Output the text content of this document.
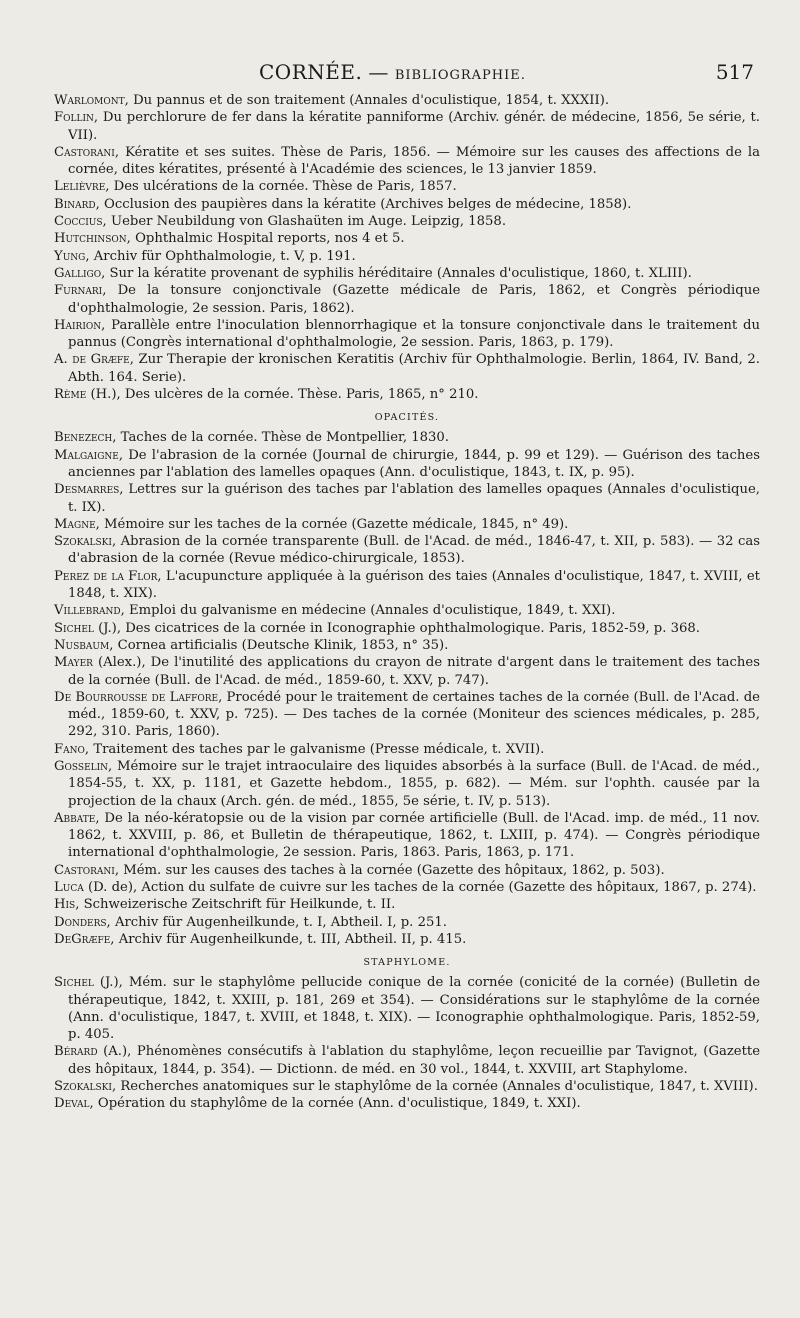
CORNÉE. — BIBLIOGRAPHIE.	517
Warlomont, Du pannus et de son traitement (Annales d'oculistique, 1854, t. XXXII).
Follin, Du perchlorure de fer dans la kératite panniforme (Archiv. génér. de médecine, 1856, 5e série, t. VII).
Castorani, Kératite et ses suites. Thèse de Paris, 1856. — Mémoire sur les causes des affections de la cornée, dites kératites, présenté à l'Académie des sciences, le 13 janvier 1859.
Lelièvre, Des ulcérations de la cornée. Thèse de Paris, 1857.
Binard, Occlusion des paupières dans la kératite (Archives belges de médecine, 1858).
Coccius, Ueber Neubildung von Glashaüten im Auge. Leipzig, 1858.
Hutchinson, Ophthalmic Hospital reports, nos 4 et 5.
Yung, Archiv für Ophthalmologie, t. V, p. 191.
Galligo, Sur la kératite provenant de syphilis héréditaire (Annales d'oculistique, 1860, t. XLIII).
Furnari, De la tonsure conjonctivale (Gazette médicale de Paris, 1862, et Congrès périodique d'ophthalmologie, 2e session. Paris, 1862).
Hairion, Parallèle entre l'inoculation blennorrhagique et la tonsure conjonctivale dans le traitement du pannus (Congrès international d'ophthalmologie, 2e session. Paris, 1863, p. 179).
A. de Græfe, Zur Therapie der kronischen Keratitis (Archiv für Ophthalmologie. Berlin, 1864, IV. Band, 2. Abth. 164. Serie).
Rème (H.), Des ulcères de la cornée. Thèse. Paris, 1865, n° 210.
OPACITÉS.
Benezech, Taches de la cornée. Thèse de Montpellier, 1830.
Malgaigne, De l'abrasion de la cornée (Journal de chirurgie, 1844, p. 99 et 129). — Guérison des taches anciennes par l'ablation des lamelles opaques (Ann. d'oculistique, 1843, t. IX, p. 95).
Desmarres, Lettres sur la guérison des taches par l'ablation des lamelles opaques (Annales d'oculistique, t. IX).
Magne, Mémoire sur les taches de la cornée (Gazette médicale, 1845, n° 49).
Szokalski, Abrasion de la cornée transparente (Bull. de l'Acad. de méd., 1846-47, t. XII, p. 583). — 32 cas d'abrasion de la cornée (Revue médico-chirurgicale, 1853).
Perez de la Flor, L'acupuncture appliquée à la guérison des taies (Annales d'oculistique, 1847, t. XVIII, et 1848, t. XIX).
Villebrand, Emploi du galvanisme en médecine (Annales d'oculistique, 1849, t. XXI).
Sichel (J.), Des cicatrices de la cornée in Iconographie ophthalmologique. Paris, 1852-59, p. 368.
Nusbaum, Cornea artificialis (Deutsche Klinik, 1853, n° 35).
Mayer (Alex.), De l'inutilité des applications du crayon de nitrate d'argent dans le traitement des taches de la cornée (Bull. de l'Acad. de méd., 1859-60, t. XXV, p. 747).
De Bourrousse de Laffore, Procédé pour le traitement de certaines taches de la cornée (Bull. de l'Acad. de méd., 1859-60, t. XXV, p. 725). — Des taches de la cornée (Moniteur des sciences médicales, p. 285, 292, 310. Paris, 1860).
Fano, Traitement des taches par le galvanisme (Presse médicale, t. XVII).
Gosselin, Mémoire sur le trajet intraoculaire des liquides absorbés à la surface (Bull. de l'Acad. de méd., 1854-55, t. XX, p. 1181, et Gazette hebdom., 1855, p. 682). — Mém. sur l'ophth. causée par la projection de la chaux (Arch. gén. de méd., 1855, 5e série, t. IV, p. 513).
Abbate, De la néo-kératopsie ou de la vision par cornée artificielle (Bull. de l'Acad. imp. de méd., 11 nov. 1862, t. XXVIII, p. 86, et Bulletin de thérapeutique, 1862, t. LXIII, p. 474). — Congrès périodique international d'ophthalmologie, 2e session. Paris, 1863. Paris, 1863, p. 171.
Castorani, Mém. sur les causes des taches à la cornée (Gazette des hôpitaux, 1862, p. 503).
Luca (D. de), Action du sulfate de cuivre sur les taches de la cornée (Gazette des hôpitaux, 1867, p. 274).
His, Schweizerische Zeitschrift für Heilkunde, t. II.
Donders, Archiv für Augenheilkunde, t. I, Abtheil. I, p. 251.
DeGræfe, Archiv für Augenheilkunde, t. III, Abtheil. II, p. 415.
STAPHYLOME.
Sichel (J.), Mém. sur le staphylôme pellucide conique de la cornée (conicité de la cornée) (Bulletin de thérapeutique, 1842, t. XXIII, p. 181, 269 et 354). — Considérations sur le staphylôme de la cornée (Ann. d'oculistique, 1847, t. XVIII, et 1848, t. XIX). — Iconographie ophthalmologique. Paris, 1852-59, p. 405.
Bérard (A.), Phénomènes consécutifs à l'ablation du staphylôme, leçon recueillie par Tavignot, (Gazette des hôpitaux, 1844, p. 354). — Dictionn. de méd. en 30 vol., 1844, t. XXVIII, art Staphylome.
Szokalski, Recherches anatomiques sur le staphylôme de la cornée (Annales d'oculistique, 1847, t. XVIII).
Deval, Opération du staphylôme de la cornée (Ann. d'oculistique, 1849, t. XXI).
